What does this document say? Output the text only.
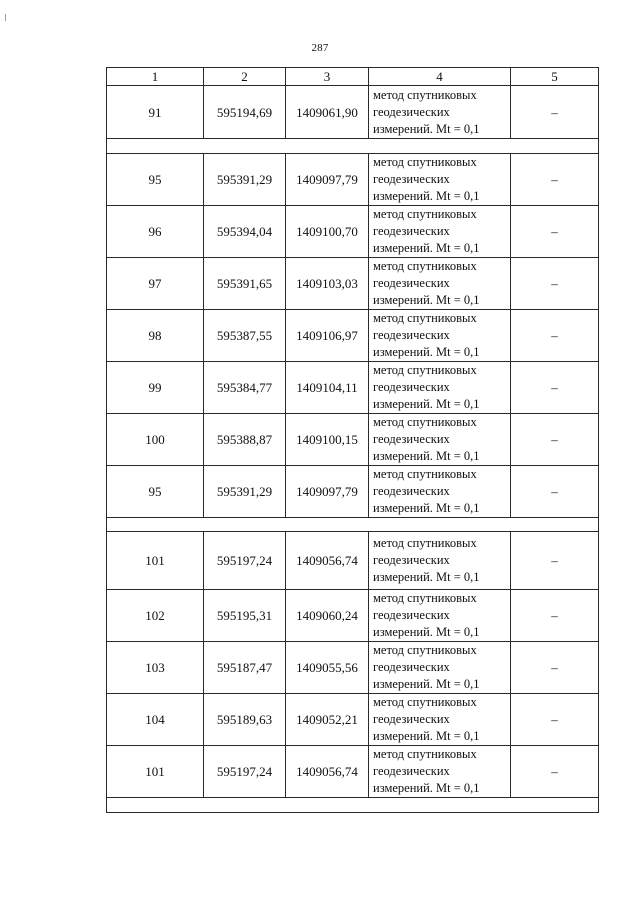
287
1	2	3	4	5
91	595194,69	1409061,90	метод спутниковых
геодезических
измерений. Mt = 0,1	–

95	595391,29	1409097,79	метод спутниковых
геодезических
измерений. Mt = 0,1	–
96	595394,04	1409100,70	метод спутниковых
геодезических
измерений. Mt = 0,1	–
97	595391,65	1409103,03	метод спутниковых
геодезических
измерений. Mt = 0,1	–
98	595387,55	1409106,97	метод спутниковых
геодезических
измерений. Mt = 0,1	–
99	595384,77	1409104,11	метод спутниковых
геодезических
измерений. Mt = 0,1	–
100	595388,87	1409100,15	метод спутниковых
геодезических
измерений. Mt = 0,1	–
95	595391,29	1409097,79	метод спутниковых
геодезических
измерений. Mt = 0,1	–

101	595197,24	1409056,74	метод спутниковых
геодезических
измерений. Mt = 0,1	–
102	595195,31	1409060,24	метод спутниковых
геодезических
измерений. Mt = 0,1	–
103	595187,47	1409055,56	метод спутниковых
геодезических
измерений. Mt = 0,1	–
104	595189,63	1409052,21	метод спутниковых
геодезических
измерений. Mt = 0,1	–
101	595197,24	1409056,74	метод спутниковых
геодезических
измерений. Mt = 0,1	–
